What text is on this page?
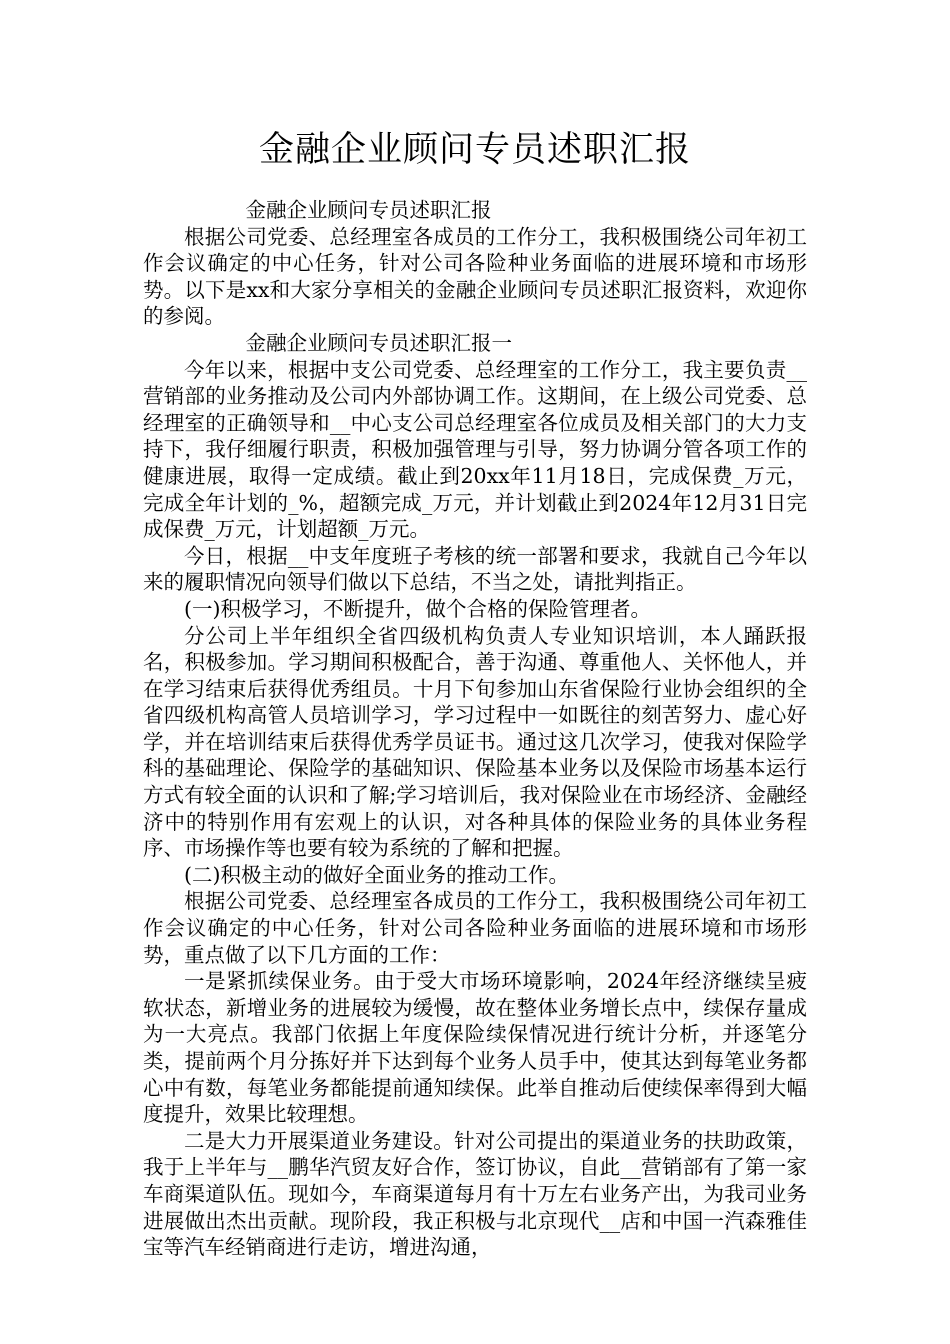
金融企业顾问专员述职汇报

金融企业顾问专员述职汇报

根据公司党委、总经理室各成员的工作分工，我积极围绕公司年初工作会议确定的中心任务，针对公司各险种业务面临的进展环境和市场形势。以下是xx和大家分享相关的金融企业顾问专员述职汇报资料，欢迎你的参阅。

金融企业顾问专员述职汇报一

今年以来，根据中支公司党委、总经理室的工作分工，我主要负责__营销部的业务推动及公司内外部协调工作。这期间，在上级公司党委、总经理室的正确领导和__中心支公司总经理室各位成员及相关部门的大力支持下，我仔细履行职责，积极加强管理与引导，努力协调分管各项工作的健康进展，取得一定成绩。截止到20xx年11月18日，完成保费_万元，完成全年计划的_%，超额完成_万元，并计划截止到2024年12月31日完成保费_万元，计划超额_万元。

今日，根据__中支年度班子考核的统一部署和要求，我就自己今年以来的履职情况向领导们做以下总结，不当之处，请批判指正。

(一)积极学习，不断提升，做个合格的保险管理者。

分公司上半年组织全省四级机构负责人专业知识培训，本人踊跃报名，积极参加。学习期间积极配合，善于沟通、尊重他人、关怀他人，并在学习结束后获得优秀组员。十月下旬参加山东省保险行业协会组织的全省四级机构高管人员培训学习，学习过程中一如既往的刻苦努力、虚心好学，并在培训结束后获得优秀学员证书。通过这几次学习，使我对保险学科的基础理论、保险学的基础知识、保险基本业务以及保险市场基本运行方式有较全面的认识和了解;学习培训后，我对保险业在市场经济、金融经济中的特别作用有宏观上的认识，对各种具体的保险业务的具体业务程序、市场操作等也要有较为系统的了解和把握。

(二)积极主动的做好全面业务的推动工作。

根据公司党委、总经理室各成员的工作分工，我积极围绕公司年初工作会议确定的中心任务，针对公司各险种业务面临的进展环境和市场形势，重点做了以下几方面的工作：

一是紧抓续保业务。由于受大市场环境影响，2024年经济继续呈疲软状态，新增业务的进展较为缓慢，故在整体业务增长点中，续保存量成为一大亮点。我部门依据上年度保险续保情况进行统计分析，并逐笔分类，提前两个月分拣好并下达到每个业务人员手中，使其达到每笔业务都心中有数，每笔业务都能提前通知续保。此举自推动后使续保率得到大幅度提升，效果比较理想。

二是大力开展渠道业务建设。针对公司提出的渠道业务的扶助政策，我于上半年与__鹏华汽贸友好合作，签订协议，自此__营销部有了第一家车商渠道队伍。现如今，车商渠道每月有十万左右业务产出，为我司业务进展做出杰出贡献。现阶段，我正积极与北京现代__店和中国一汽森雅佳宝等汽车经销商进行走访，增进沟通，
